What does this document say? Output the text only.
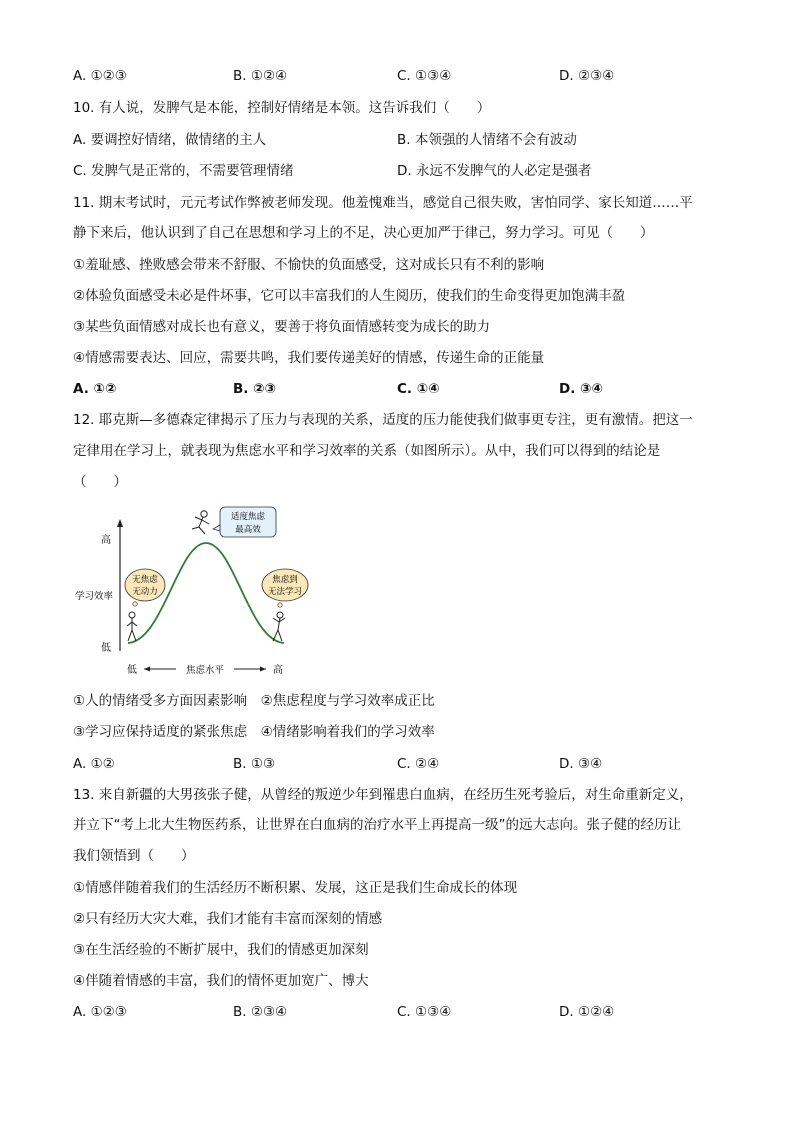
A. ①②③	B. ①②④	C. ①③④	D. ②③④
10. 有人说，发脾气是本能，控制好情绪是本领。这告诉我们（　　）
A. 要调控好情绪，做情绪的主人	B. 本领强的人情绪不会有波动
C. 发脾气是正常的，不需要管理情绪	D. 永远不发脾气的人必定是强者
11. 期末考试时，元元考试作弊被老师发现。他羞愧难当，感觉自己很失败，害怕同学、家长知道……平
静下来后，他认识到了自己在思想和学习上的不足，决心更加严于律己，努力学习。可见（　　）
①羞耻感、挫败感会带来不舒服、不愉快的负面感受，这对成长只有不利的影响
②体验负面感受未必是件坏事，它可以丰富我们的人生阅历，使我们的生命变得更加饱满丰盈
③某些负面情感对成长也有意义，要善于将负面情感转变为成长的助力
④情感需要表达、回应，需要共鸣，我们要传递美好的情感，传递生命的正能量
A. ①②	B. ②③	C. ①④	D. ③④
12. 耶克斯—多德森定律揭示了压力与表现的关系，适度的压力能使我们做事更专注，更有激情。把这一
定律用在学习上，就表现为焦虑水平和学习效率的关系（如图所示）。从中，我们可以得到的结论是
（　　）
高
学习效率
低
低	焦虑水平	高
适度焦虑
最高效
无焦虑
无动力
焦虑到
无法学习
①人的情绪受多方面因素影响　②焦虑程度与学习效率成正比
③学习应保持适度的紧张焦虑　④情绪影响着我们的学习效率
A. ①②	B. ①③	C. ②④	D. ③④
13. 来自新疆的大男孩张子健，从曾经的叛逆少年到罹患白血病，在经历生死考验后，对生命重新定义，
并立下“考上北大生物医药系，让世界在白血病的治疗水平上再提高一级”的远大志向。张子健的经历让
我们领悟到（　　）
①情感伴随着我们的生活经历不断积累、发展，这正是我们生命成长的体现
②只有经历大灾大难，我们才能有丰富而深刻的情感
③在生活经验的不断扩展中，我们的情感更加深刻
④伴随着情感的丰富，我们的情怀更加宽广、博大
A. ①②③	B. ②③④	C. ①③④	D. ①②④
